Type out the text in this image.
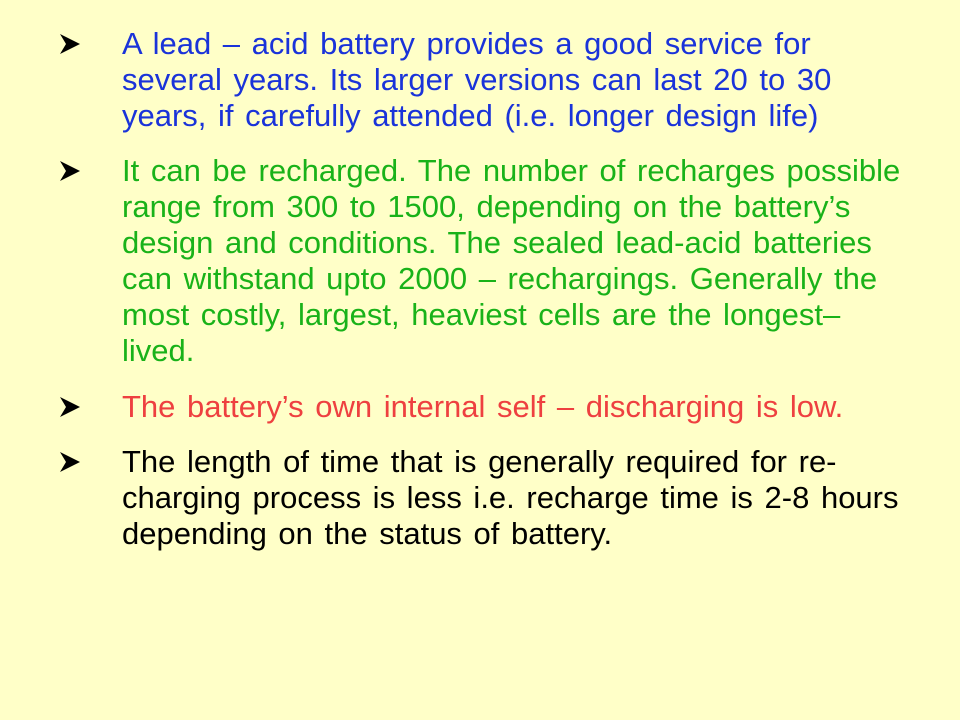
A lead – acid battery provides a good service for several years. Its larger versions can last 20 to 30 years, if carefully attended (i.e. longer design life)
It can be recharged. The number of recharges possible range from 300 to 1500, depending on the battery’s design and conditions. The sealed lead-acid batteries can withstand upto 2000 – rechargings. Generally the most costly, largest, heaviest cells are the longest–lived.
The battery’s own internal self – discharging is low.
The length of time that is generally required for re-charging process is less i.e. recharge time is 2-8 hours depending on the status of battery.
